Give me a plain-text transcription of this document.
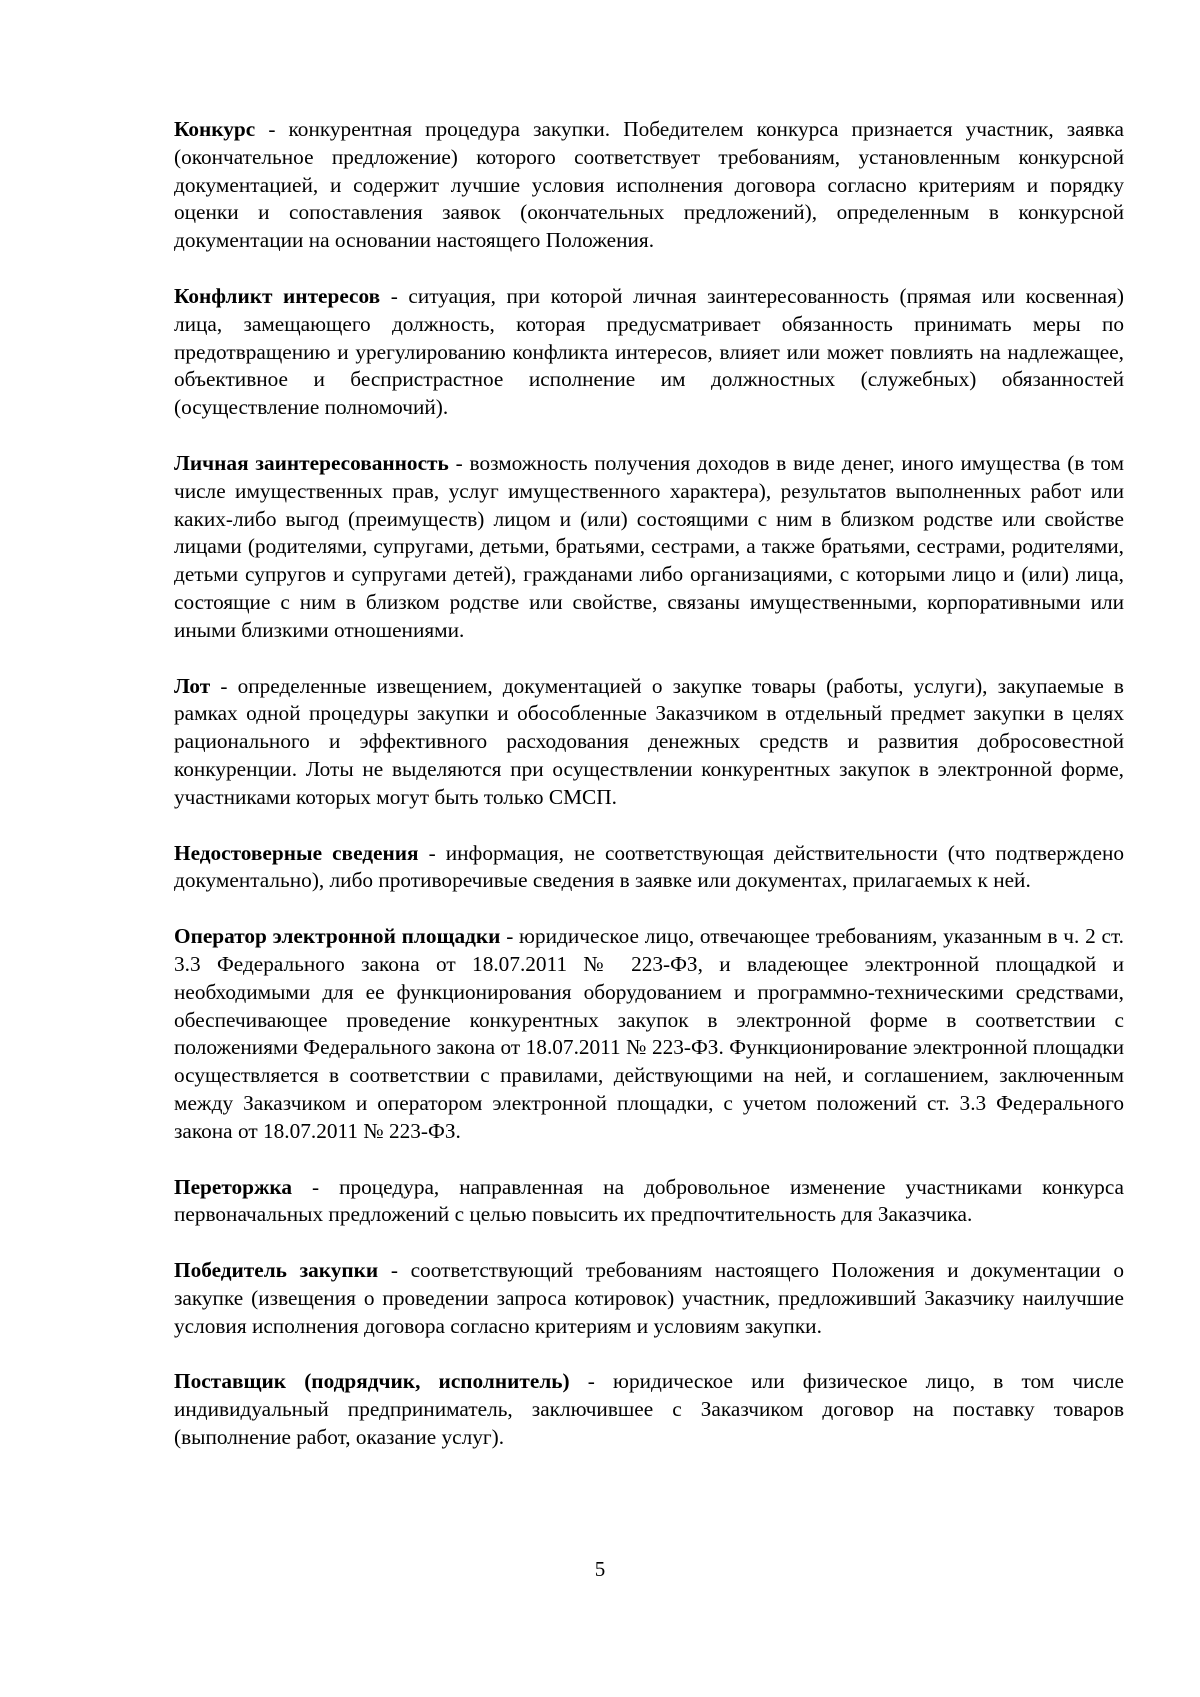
Конкурс - конкурентная процедура закупки. Победителем конкурса признается участник, заявка (окончательное предложение) которого соответствует требованиям, установленным конкурсной документацией, и содержит лучшие условия исполнения договора согласно критериям и порядку оценки и сопоставления заявок (окончательных предложений), определенным в конкурсной документации на основании настоящего Положения.

Конфликт интересов - ситуация, при которой личная заинтересованность (прямая или косвенная) лица, замещающего должность, которая предусматривает обязанность принимать меры по предотвращению и урегулированию конфликта интересов, влияет или может повлиять на надлежащее, объективное и беспристрастное исполнение им должностных (служебных) обязанностей (осуществление полномочий).

Личная заинтересованность - возможность получения доходов в виде денег, иного имущества (в том числе имущественных прав, услуг имущественного характера), результатов выполненных работ или каких-либо выгод (преимуществ) лицом и (или) состоящими с ним в близком родстве или свойстве лицами (родителями, супругами, детьми, братьями, сестрами, а также братьями, сестрами, родителями, детьми супругов и супругами детей), гражданами либо организациями, с которыми лицо и (или) лица, состоящие с ним в близком родстве или свойстве, связаны имущественными, корпоративными или иными близкими отношениями.

Лот - определенные извещением, документацией о закупке товары (работы, услуги), закупаемые в рамках одной процедуры закупки и обособленные Заказчиком в отдельный предмет закупки в целях рационального и эффективного расходования денежных средств и развития добросовестной конкуренции. Лоты не выделяются при осуществлении конкурентных закупок в электронной форме, участниками которых могут быть только СМСП.

Недостоверные сведения - информация, не соответствующая действительности (что подтверждено документально), либо противоречивые сведения в заявке или документах, прилагаемых к ней.

Оператор электронной площадки - юридическое лицо, отвечающее требованиям, указанным в ч. 2 ст. 3.3 Федерального закона от 18.07.2011 № 223-ФЗ, и владеющее электронной площадкой и необходимыми для ее функционирования оборудованием и программно-техническими средствами, обеспечивающее проведение конкурентных закупок в электронной форме в соответствии с положениями Федерального закона от 18.07.2011 № 223-ФЗ. Функционирование электронной площадки осуществляется в соответствии с правилами, действующими на ней, и соглашением, заключенным между Заказчиком и оператором электронной площадки, с учетом положений ст. 3.3 Федерального закона от 18.07.2011 № 223-ФЗ.

Переторжка - процедура, направленная на добровольное изменение участниками конкурса первоначальных предложений с целью повысить их предпочтительность для Заказчика.

Победитель закупки - соответствующий требованиям настоящего Положения и документации о закупке (извещения о проведении запроса котировок) участник, предложивший Заказчику наилучшие условия исполнения договора согласно критериям и условиям закупки.

Поставщик (подрядчик, исполнитель) - юридическое или физическое лицо, в том числе индивидуальный предприниматель, заключившее с Заказчиком договор на поставку товаров (выполнение работ, оказание услуг).

5
